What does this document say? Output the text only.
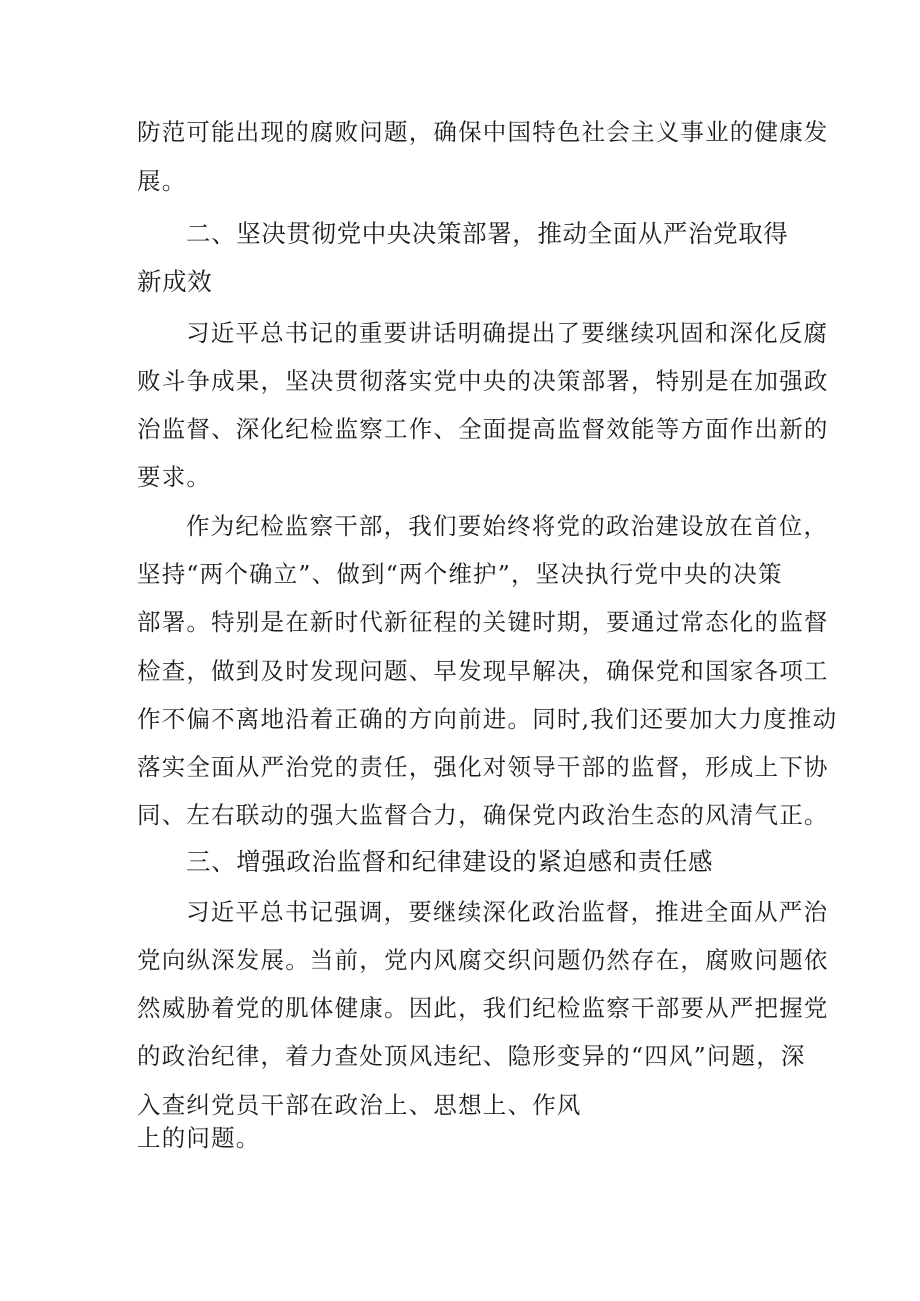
防范可能出现的腐败问题，确保中国特色社会主义事业的健康发
展。
二、坚决贯彻党中央决策部署，推动全面从严治党取得
新成效
习近平总书记的重要讲话明确提出了要继续巩固和深化反腐
败斗争成果，坚决贯彻落实党中央的决策部署，特别是在加强政
治监督、深化纪检监察工作、全面提高监督效能等方面作出新的
要求。
作为纪检监察干部，我们要始终将党的政治建设放在首位，
坚持“两个确立”、做到“两个维护”，坚决执行党中央的决策
部署。特别是在新时代新征程的关键时期，要通过常态化的监督
检查，做到及时发现问题、早发现早解决，确保党和国家各项工
作不偏不离地沿着正确的方向前进。同时,我们还要加大力度推动
落实全面从严治党的责任，强化对领导干部的监督，形成上下协
同、左右联动的强大监督合力，确保党内政治生态的风清气正。
三、增强政治监督和纪律建设的紧迫感和责任感
习近平总书记强调，要继续深化政治监督，推进全面从严治
党向纵深发展。当前，党内风腐交织问题仍然存在，腐败问题依
然威胁着党的肌体健康。因此，我们纪检监察干部要从严把握党
的政治纪律，着力查处顶风违纪、隐形变异的“四风”问题，深
入查纠党员干部在政治上、思想上、作风
上的问题。
